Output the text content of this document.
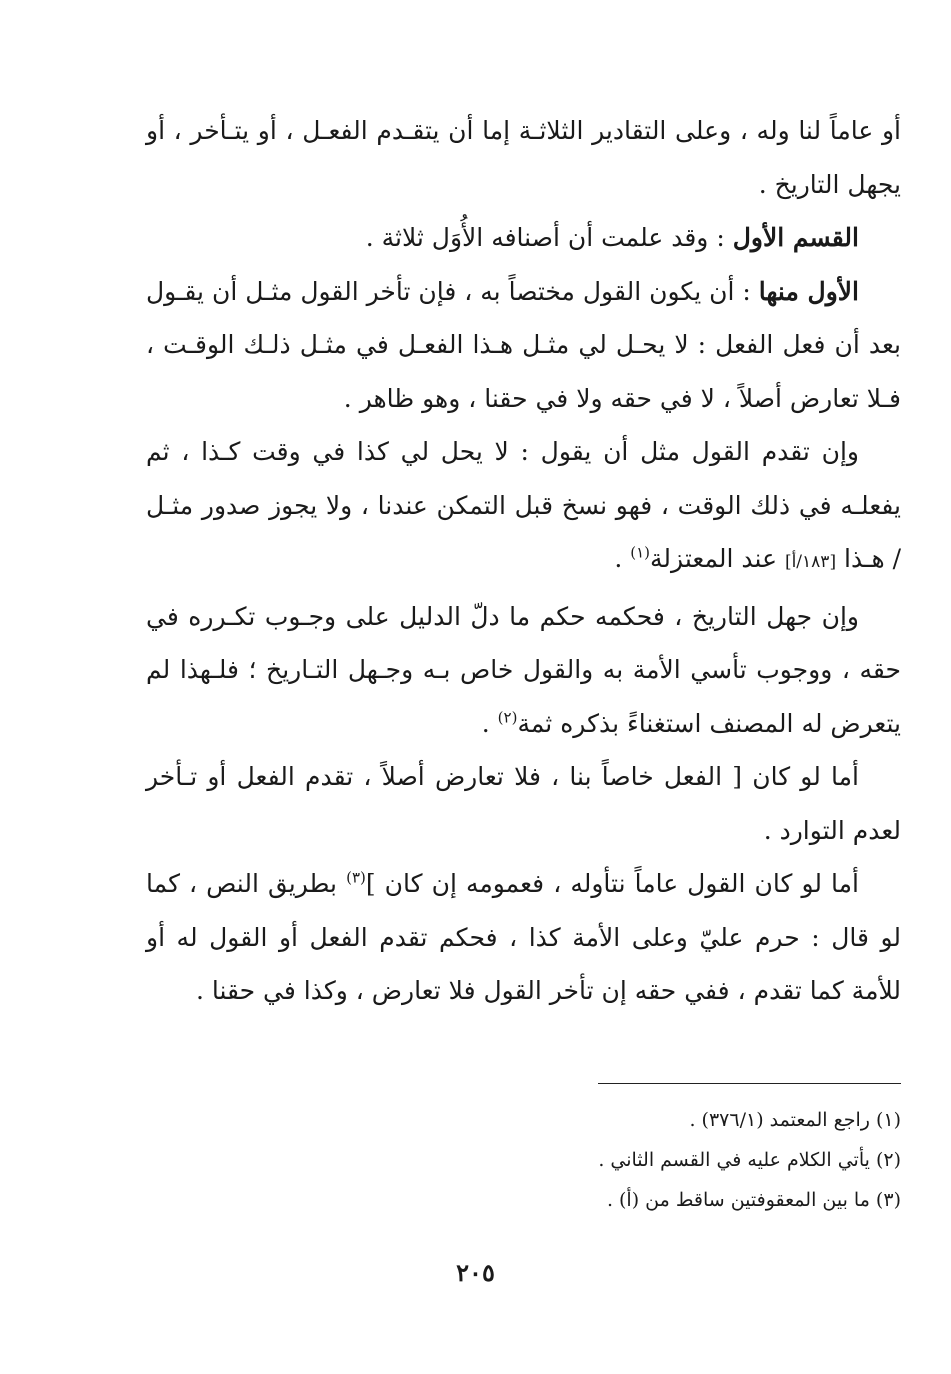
أو عاماً لنا وله ، وعلى التقادير الثلاثـة إما أن يتقـدم الفعـل ، أو يتـأخر ، أو يجهل التاريخ .

القسم الأول : وقد علمت أن أصنافه الأُوَل ثلاثة .

الأول منها : أن يكون القول مختصاً به ، فإن تأخر القول مثـل أن يقـول بعد أن فعل الفعل : لا يحـل لي مثـل هـذا الفعـل في مثـل ذلـك الوقـت ، فـلا تعارض أصلاً ، لا في حقه ولا في حقنا ، وهو ظاهر .

وإن تقدم القول مثل أن يقول : لا يحل لي كذا في وقت كـذا ، ثم يفعلـه في ذلك الوقت ، فهو نسخ قبل التمكن عندنا ، ولا يجوز صدور مثـل / هـذا [١٨٣/أ] عند المعتزلة$^{(١)}$ .

وإن جهل التاريخ ، فحكمه حكم ما دلّ الدليل على وجـوب تكـرره في حقه ، ووجوب تأسي الأمة به والقول خاص بـه وجـهل التـاريخ ؛ فلـهذا لم يتعرض له المصنف استغناءً بذكره ثمة$^{(٢)}$ .

أما لو كان [ الفعل خاصاً بنا ، فلا تعارض أصلاً ، تقدم الفعل أو تـأخر لعدم التوارد .

أما لو كان القول عاماً نتأوله ، فعمومه إن كان ]$^{(٣)}$ بطريق النص ، كما لو قال : حرم عليّ وعلى الأمة كذا ، فحكم تقدم الفعل أو القول له أو للأمة كما تقدم ، ففي حقه إن تأخر القول فلا تعارض ، وكذا في حقنا .

(١) راجع المعتمد (٣٧٦/١) .

(٢) يأتي الكلام عليه في القسم الثاني .

(٣) ما بين المعقوفتين ساقط من (أ) .

٢٠٥
